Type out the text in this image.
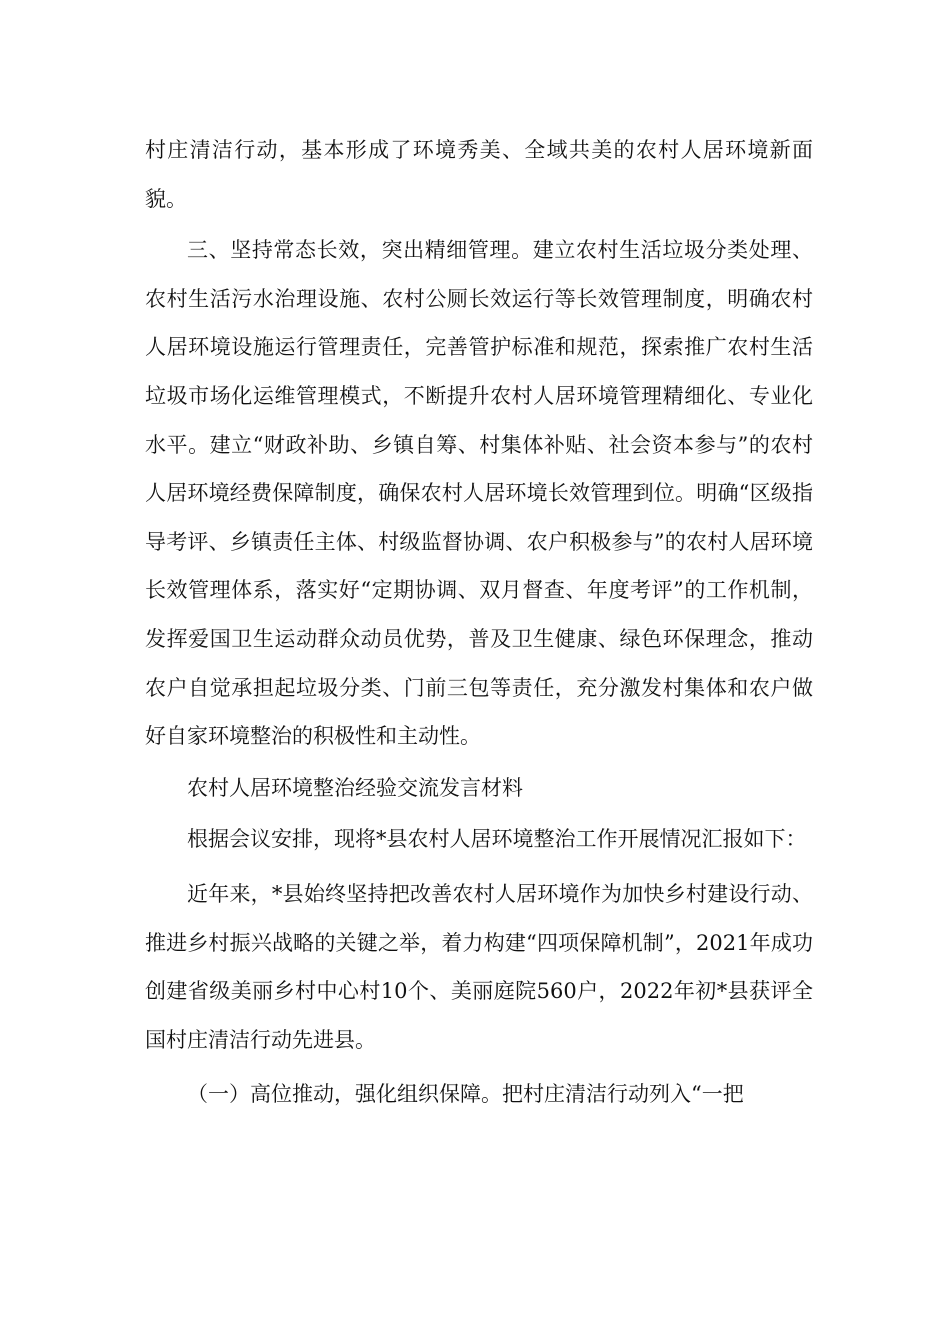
村庄清洁行动，基本形成了环境秀美、全域共美的农村人居环境新面貌。

三、坚持常态长效，突出精细管理。建立农村生活垃圾分类处理、农村生活污水治理设施、农村公厕长效运行等长效管理制度，明确农村人居环境设施运行管理责任，完善管护标准和规范，探索推广农村生活垃圾市场化运维管理模式，不断提升农村人居环境管理精细化、专业化水平。建立“财政补助、乡镇自筹、村集体补贴、社会资本参与”的农村人居环境经费保障制度，确保农村人居环境长效管理到位。明确“区级指导考评、乡镇责任主体、村级监督协调、农户积极参与”的农村人居环境长效管理体系，落实好“定期协调、双月督查、年度考评”的工作机制，发挥爱国卫生运动群众动员优势，普及卫生健康、绿色环保理念，推动农户自觉承担起垃圾分类、门前三包等责任，充分激发村集体和农户做好自家环境整治的积极性和主动性。

农村人居环境整治经验交流发言材料

根据会议安排，现将*县农村人居环境整治工作开展情况汇报如下：

近年来，*县始终坚持把改善农村人居环境作为加快乡村建设行动、推进乡村振兴战略的关键之举，着力构建“四项保障机制”，2021年成功创建省级美丽乡村中心村10个、美丽庭院560户，2022年初*县获评全国村庄清洁行动先进县。

（一）高位推动，强化组织保障。把村庄清洁行动列入“一把
